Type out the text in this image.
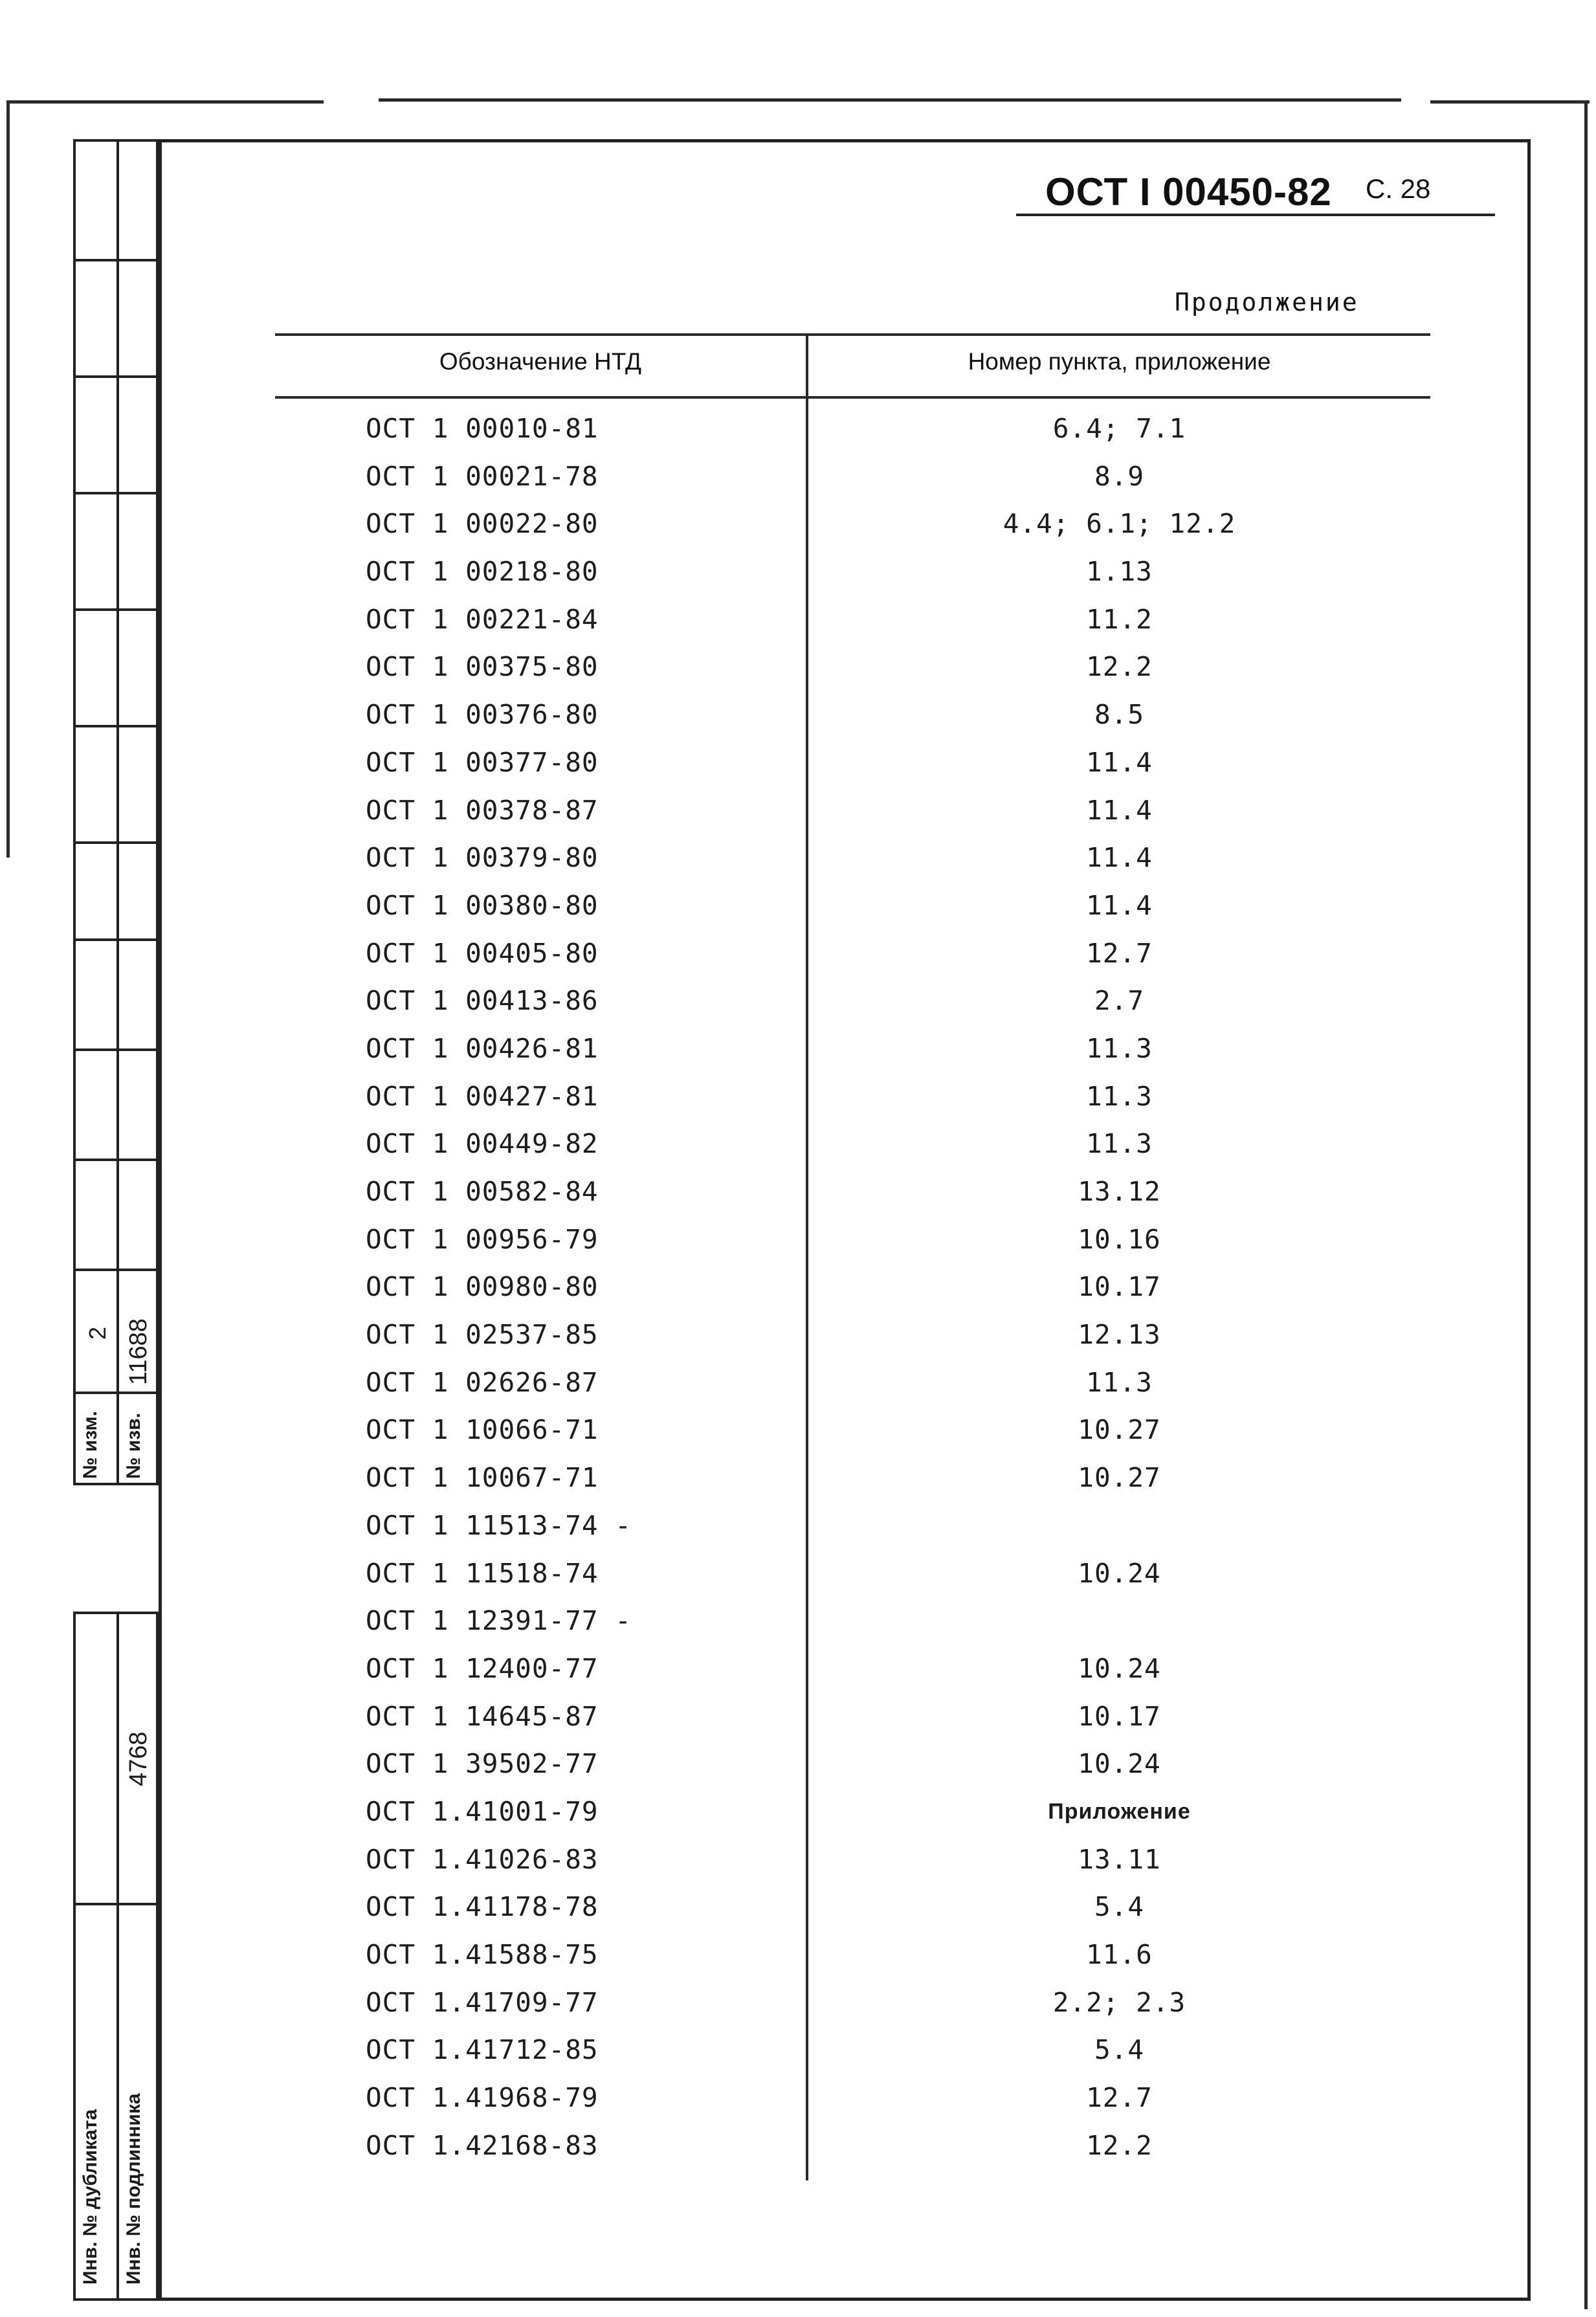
№ изм.
2
№ изв.
11688
Инв. № дубликата Инв. № подлинника
4768
ОСТ I 00450-82 С. 28
Продолжение
Обозначение НТД	Номер пункта, приложение
ОСТ 1 00010-81	6.4; 7.1
ОСТ 1 00021-78	8.9
ОСТ 1 00022-80	4.4; 6.1; 12.2
ОСТ 1 00218-80	1.13
ОСТ 1 00221-84	11.2
ОСТ 1 00375-80	12.2
ОСТ 1 00376-80	8.5
ОСТ 1 00377-80	11.4
ОСТ 1 00378-87	11.4
ОСТ 1 00379-80	11.4
ОСТ 1 00380-80	11.4
ОСТ 1 00405-80	12.7
ОСТ 1 00413-86	2.7
ОСТ 1 00426-81	11.3
ОСТ 1 00427-81	11.3
ОСТ 1 00449-82	11.3
ОСТ 1 00582-84	13.12
ОСТ 1 00956-79	10.16
ОСТ 1 00980-80	10.17
ОСТ 1 02537-85	12.13
ОСТ 1 02626-87	11.3
ОСТ 1 10066-71	10.27
ОСТ 1 10067-71	10.27
ОСТ 1 11513-74 -
ОСТ 1 11518-74	10.24
ОСТ 1 12391-77 -
ОСТ 1 12400-77	10.24
ОСТ 1 14645-87	10.17
ОСТ 1 39502-77	10.24
ОСТ 1.41001-79	Приложение
ОСТ 1.41026-83	13.11
ОСТ 1.41178-78	5.4
ОСТ 1.41588-75	11.6
ОСТ 1.41709-77	2.2; 2.3
ОСТ 1.41712-85	5.4
ОСТ 1.41968-79	12.7
ОСТ 1.42168-83	12.2
